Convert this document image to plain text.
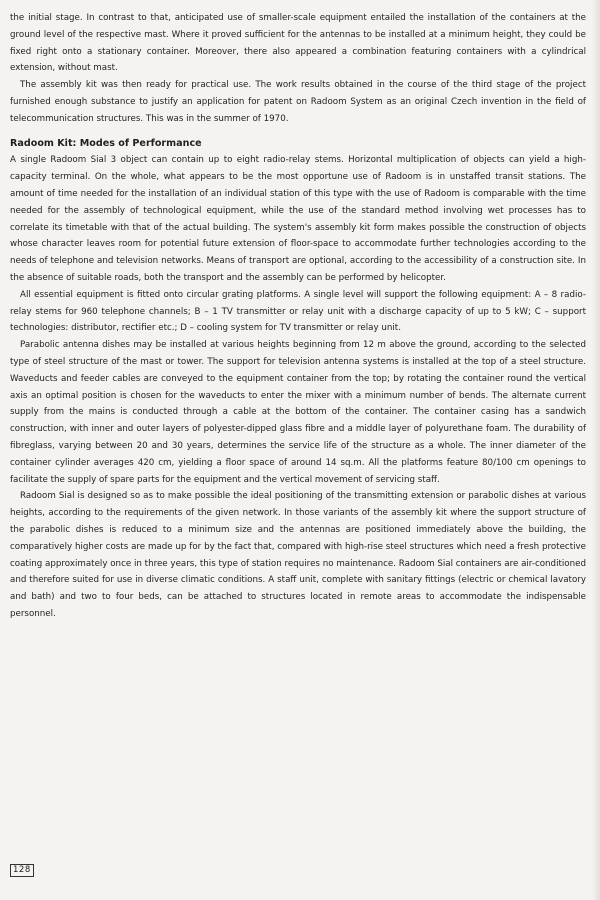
the initial stage. In contrast to that, anticipated use of smaller-scale equipment entailed the installation of the containers at the ground level of the respective mast. Where it proved sufficient for the antennas to be installed at a minimum height, they could be fixed right onto a stationary container. Moreover, there also appeared a combination featuring containers with a cylindrical extension, without mast.

The assembly kit was then ready for practical use. The work results obtained in the course of the third stage of the project furnished enough substance to justify an application for patent on Radoom System as an original Czech invention in the field of telecommunication structures. This was in the summer of 1970.

Radoom Kit: Modes of Performance

A single Radoom Sial 3 object can contain up to eight radio-relay stems. Horizontal multiplication of objects can yield a high-capacity terminal. On the whole, what appears to be the most opportune use of Radoom is in unstaffed transit stations. The amount of time needed for the installation of an individual station of this type with the use of Radoom is comparable with the time needed for the assembly of technological equipment, while the use of the standard method involving wet processes has to correlate its timetable with that of the actual building. The system's assembly kit form makes possible the construction of objects whose character leaves room for potential future extension of floor-space to accommodate further technologies according to the needs of telephone and television networks. Means of transport are optional, according to the accessibility of a construction site. In the absence of suitable roads, both the transport and the assembly can be performed by helicopter.

All essential equipment is fitted onto circular grating platforms. A single level will support the following equipment: A – 8 radio-relay stems for 960 telephone channels; B – 1 TV transmitter or relay unit with a discharge capacity of up to 5 kW; C – support technologies: distributor, rectifier etc.; D – cooling system for TV transmitter or relay unit.

Parabolic antenna dishes may be installed at various heights beginning from 12 m above the ground, according to the selected type of steel structure of the mast or tower. The support for television antenna systems is installed at the top of a steel structure. Waveducts and feeder cables are conveyed to the equipment container from the top; by rotating the container round the vertical axis an optimal position is chosen for the waveducts to enter the mixer with a minimum number of bends. The alternate current supply from the mains is conducted through a cable at the bottom of the container. The container casing has a sandwich construction, with inner and outer layers of polyester-dipped glass fibre and a middle layer of polyurethane foam. The durability of fibreglass, varying between 20 and 30 years, determines the service life of the structure as a whole. The inner diameter of the container cylinder averages 420 cm, yielding a floor space of around 14 sq.m. All the platforms feature 80/100 cm openings to facilitate the supply of spare parts for the equipment and the vertical movement of servicing staff.

Radoom Sial is designed so as to make possible the ideal positioning of the transmitting extension or parabolic dishes at various heights, according to the requirements of the given network. In those variants of the assembly kit where the support structure of the parabolic dishes is reduced to a minimum size and the antennas are positioned immediately above the building, the comparatively higher costs are made up for by the fact that, compared with high-rise steel structures which need a fresh protective coating approximately once in three years, this type of station requires no maintenance. Radoom Sial containers are air-conditioned and therefore suited for use in diverse climatic conditions. A staff unit, complete with sanitary fittings (electric or chemical lavatory and bath) and two to four beds, can be attached to structures located in remote areas to accommodate the indispensable personnel.

128
